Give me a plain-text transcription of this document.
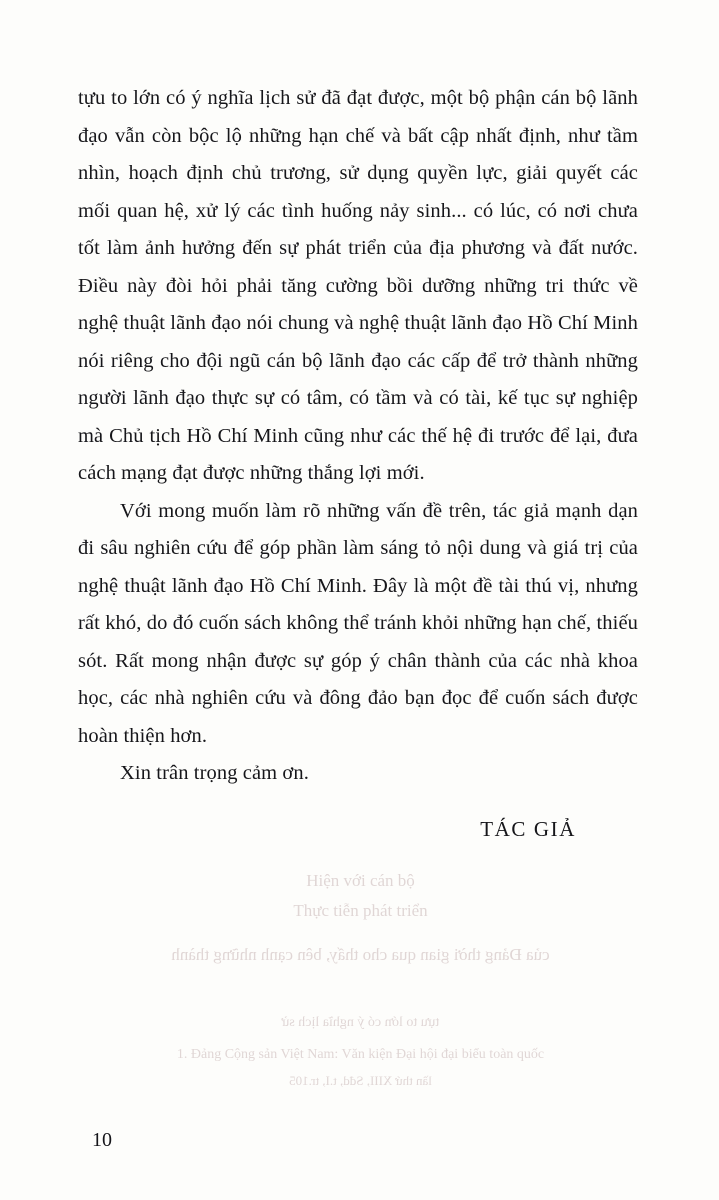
tựu to lớn có ý nghĩa lịch sử đã đạt được, một bộ phận cán bộ lãnh đạo vẫn còn bộc lộ những hạn chế và bất cập nhất định, như tầm nhìn, hoạch định chủ trương, sử dụng quyền lực, giải quyết các mối quan hệ, xử lý các tình huống nảy sinh... có lúc, có nơi chưa tốt làm ảnh hưởng đến sự phát triển của địa phương và đất nước. Điều này đòi hỏi phải tăng cường bồi dưỡng những tri thức về nghệ thuật lãnh đạo nói chung và nghệ thuật lãnh đạo Hồ Chí Minh nói riêng cho đội ngũ cán bộ lãnh đạo các cấp để trở thành những người lãnh đạo thực sự có tâm, có tầm và có tài, kế tục sự nghiệp mà Chủ tịch Hồ Chí Minh cũng như các thế hệ đi trước để lại, đưa cách mạng đạt được những thắng lợi mới.

Với mong muốn làm rõ những vấn đề trên, tác giả mạnh dạn đi sâu nghiên cứu để góp phần làm sáng tỏ nội dung và giá trị của nghệ thuật lãnh đạo Hồ Chí Minh. Đây là một đề tài thú vị, nhưng rất khó, do đó cuốn sách không thể tránh khỏi những hạn chế, thiếu sót. Rất mong nhận được sự góp ý chân thành của các nhà khoa học, các nhà nghiên cứu và đông đảo bạn đọc để cuốn sách được hoàn thiện hơn.

Xin trân trọng cảm ơn.

TÁC GIẢ
Hiện với cán bộ
Thực tiễn phát triển
của Đảng thời gian qua cho thấy, bên cạnh những thành
tựu to lớn có ý nghĩa lịch sử
1. Đảng Cộng sản Việt Nam: Văn kiện Đại hội đại biểu toàn quốc
lần thứ XIII, Sđd, t.I, tr.105
10
